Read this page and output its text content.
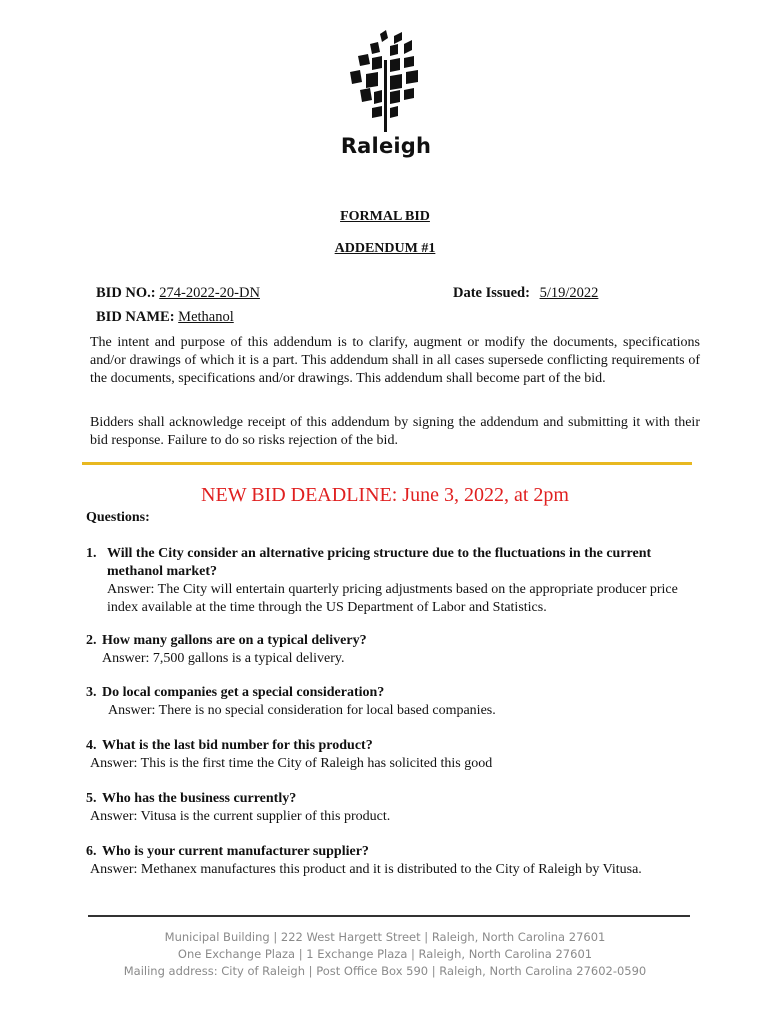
Raleigh
FORMAL BID
ADDENDUM #1
BID NO.: 274-2022-20-DN	Date Issued: 5/19/2022
BID NAME: Methanol
The intent and purpose of this addendum is to clarify, augment or modify the documents, specifications and/or drawings of which it is a part. This addendum shall in all cases supersede conflicting requirements of the documents, specifications and/or drawings. This addendum shall become part of the bid.
Bidders shall acknowledge receipt of this addendum by signing the addendum and submitting it with their bid response. Failure to do so risks rejection of the bid.
NEW BID DEADLINE: June 3, 2022, at 2pm
Questions:
1. Will the City consider an alternative pricing structure due to the fluctuations in the current methanol market?
Answer: The City will entertain quarterly pricing adjustments based on the appropriate producer price index available at the time through the US Department of Labor and Statistics.
2. How many gallons are on a typical delivery?
Answer: 7,500 gallons is a typical delivery.
3. Do local companies get a special consideration?
Answer: There is no special consideration for local based companies.
4. What is the last bid number for this product?
Answer: This is the first time the City of Raleigh has solicited this good
5. Who has the business currently?
Answer: Vitusa is the current supplier of this product.
6. Who is your current manufacturer supplier?
Answer: Methanex manufactures this product and it is distributed to the City of Raleigh by Vitusa.
Municipal Building | 222 West Hargett Street | Raleigh, North Carolina 27601
One Exchange Plaza | 1 Exchange Plaza | Raleigh, North Carolina 27601
Mailing address: City of Raleigh | Post Office Box 590 | Raleigh, North Carolina 27602-0590
